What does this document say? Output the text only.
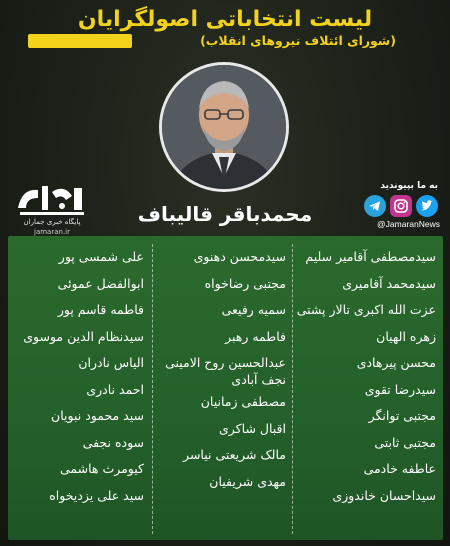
لیست انتخاباتی اصولگرایان
(شورای ائتلاف نیروهای انقلاب)
محمدباقر قالیباف
پایگاه خبری جماران
jamaran.ir
به ما بپیوندید
@JamaranNews
سیدمصطفی آقامیر سلیم
سیدمحمد آقامیری
عزت الله اکبری تالار پشتی
زهره الهیان
محسن پیرهادی
سیدرضا تقوی
مجتبی توانگر
مجتبی ثابتی
عاطفه خادمی
سیداحسان خاندوزی
سیدمحسن دهنوی
مجتبی رضاخواه
سمیه رفیعی
فاطمه رهبر
عبدالحسین روح الامینی نجف آبادی
مصطفی زمانیان
اقبال شاکری
مالک شریعتی نیاسر
مهدی شریفیان
علی شمسی پور
ابوالفضل عموئی
فاطمه قاسم پور
سیدنظام الدین موسوی
الیاس نادران
احمد نادری
سید محمود نبویان
سوده نجفی
کیومرث هاشمی
سید علی یزدیخواه
